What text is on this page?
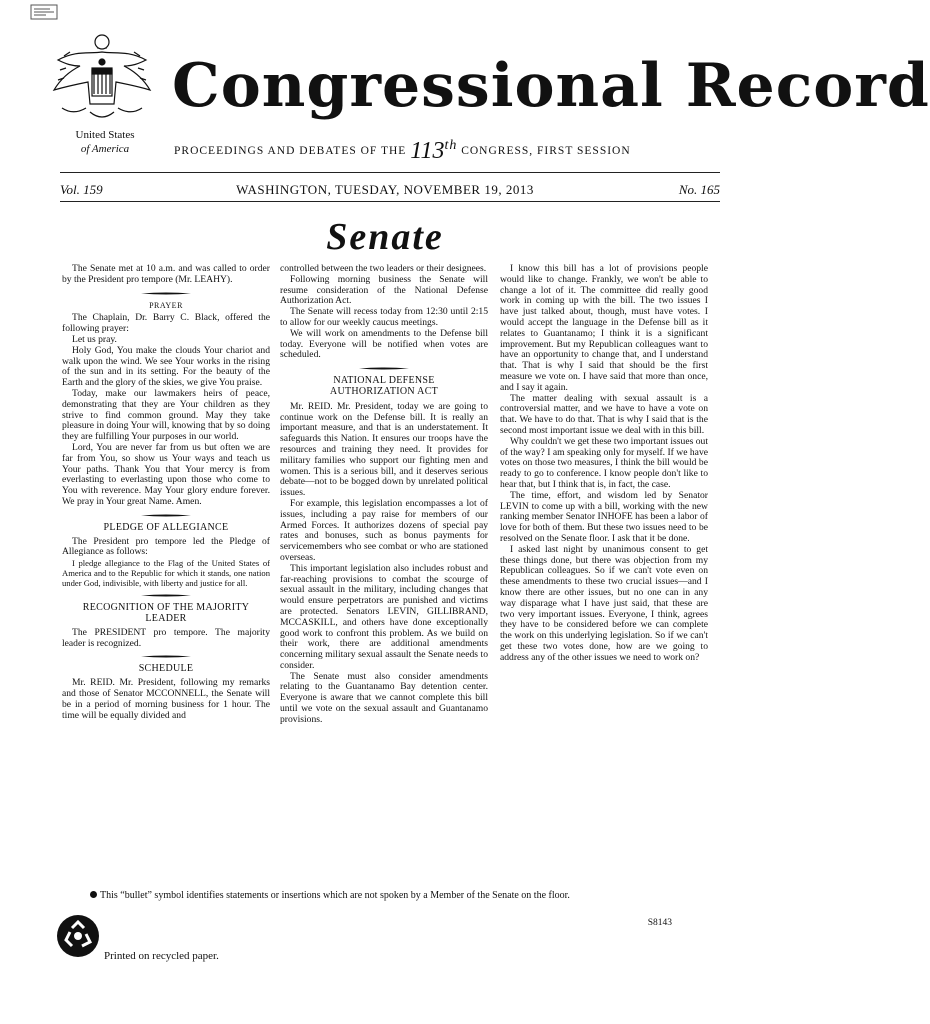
Congressional Record
United States
of America	PROCEEDINGS AND DEBATES OF THE 113th CONGRESS, FIRST SESSION
Vol. 159	WASHINGTON, TUESDAY, NOVEMBER 19, 2013	No. 165
Senate

The Senate met at 10 a.m. and was called to order by the President pro tempore (Mr. LEAHY).

PRAYER

The Chaplain, Dr. Barry C. Black, offered the following prayer:

Let us pray.

Holy God, You make the clouds Your chariot and walk upon the wind. We see Your works in the rising of the sun and in its setting. For the beauty of the Earth and the glory of the skies, we give You praise.

Today, make our lawmakers heirs of peace, demonstrating that they are Your children as they strive to find common ground. May they take pleasure in doing Your will, knowing that by so doing they are fulfilling Your purposes in our world.

Lord, You are never far from us but often we are far from You, so show us Your ways and teach us Your paths. Thank You that Your mercy is from everlasting to everlasting upon those who come to You with reverence. May Your glory endure forever. We pray in Your great Name. Amen.

PLEDGE OF ALLEGIANCE

The President pro tempore led the Pledge of Allegiance as follows:

I pledge allegiance to the Flag of the United States of America and to the Republic for which it stands, one nation under God, indivisible, with liberty and justice for all.

RECOGNITION OF THE MAJORITY LEADER

The PRESIDENT pro tempore. The majority leader is recognized.

SCHEDULE

Mr. REID. Mr. President, following my remarks and those of Senator MCCONNELL, the Senate will be in a period of morning business for 1 hour. The time will be equally divided and

controlled between the two leaders or their designees.

Following morning business the Senate will resume consideration of the National Defense Authorization Act.

The Senate will recess today from 12:30 until 2:15 to allow for our weekly caucus meetings.

We will work on amendments to the Defense bill today. Everyone will be notified when votes are scheduled.

NATIONAL DEFENSE
AUTHORIZATION ACT

Mr. REID. Mr. President, today we are going to continue work on the Defense bill. It is really an important measure, and that is an understatement. It safeguards this Nation. It ensures our troops have the resources and training they need. It provides for military families who support our fighting men and women. This is a serious bill, and it deserves serious debate—not to be bogged down by unrelated political issues.

For example, this legislation encompasses a lot of issues, including a pay raise for members of our Armed Forces. It authorizes dozens of special pay rates and bonuses, such as bonus payments for servicemembers who see combat or who are stationed overseas.

This important legislation also includes robust and far-reaching provisions to combat the scourge of sexual assault in the military, including changes that would ensure perpetrators are punished and victims are protected. Senators LEVIN, GILLIBRAND, MCCASKILL, and others have done exceptionally good work to confront this problem. As we build on their work, there are additional amendments concerning military sexual assault the Senate needs to consider.

The Senate must also consider amendments relating to the Guantanamo Bay detention center. Everyone is aware that we cannot complete this bill until we vote on the sexual assault and Guantanamo provisions.

I know this bill has a lot of provisions people would like to change. Frankly, we won't be able to change a lot of it. The committee did really good work in coming up with the bill. The two issues I have just talked about, though, must have votes. I would accept the language in the Defense bill as it relates to Guantanamo; I think it is a significant improvement. But my Republican colleagues want to have an opportunity to change that, and I understand that. That is why I said that should be the first measure we vote on. I have said that more than once, and I say it again.

The matter dealing with sexual assault is a controversial matter, and we have to have a vote on that. We have to do that. That is why I said that is the second most important issue we deal with in this bill.

Why couldn't we get these two important issues out of the way? I am speaking only for myself. If we have votes on those two measures, I think the bill would be ready to go to conference. I know people don't like to hear that, but I think that is, in fact, the case.

The time, effort, and wisdom led by Senator LEVIN to come up with a bill, working with the new ranking member Senator INHOFE has been a labor of love for both of them. But these two issues need to be resolved on the Senate floor. I ask that it be done.

I asked last night by unanimous consent to get these things done, but there was objection from my Republican colleagues. So if we can't vote even on these amendments to these two crucial issues—and I know there are other issues, but no one can in any way disparage what I have just said, that these are two very important issues. Everyone, I think, agrees they have to be considered before we can complete the work on this underlying legislation. So if we can't get these two votes done, how are we going to address any of the other issues we need to work on?

This “bullet” symbol identifies statements or insertions which are not spoken by a Member of the Senate on the floor.
Printed on recycled paper.
S8143
